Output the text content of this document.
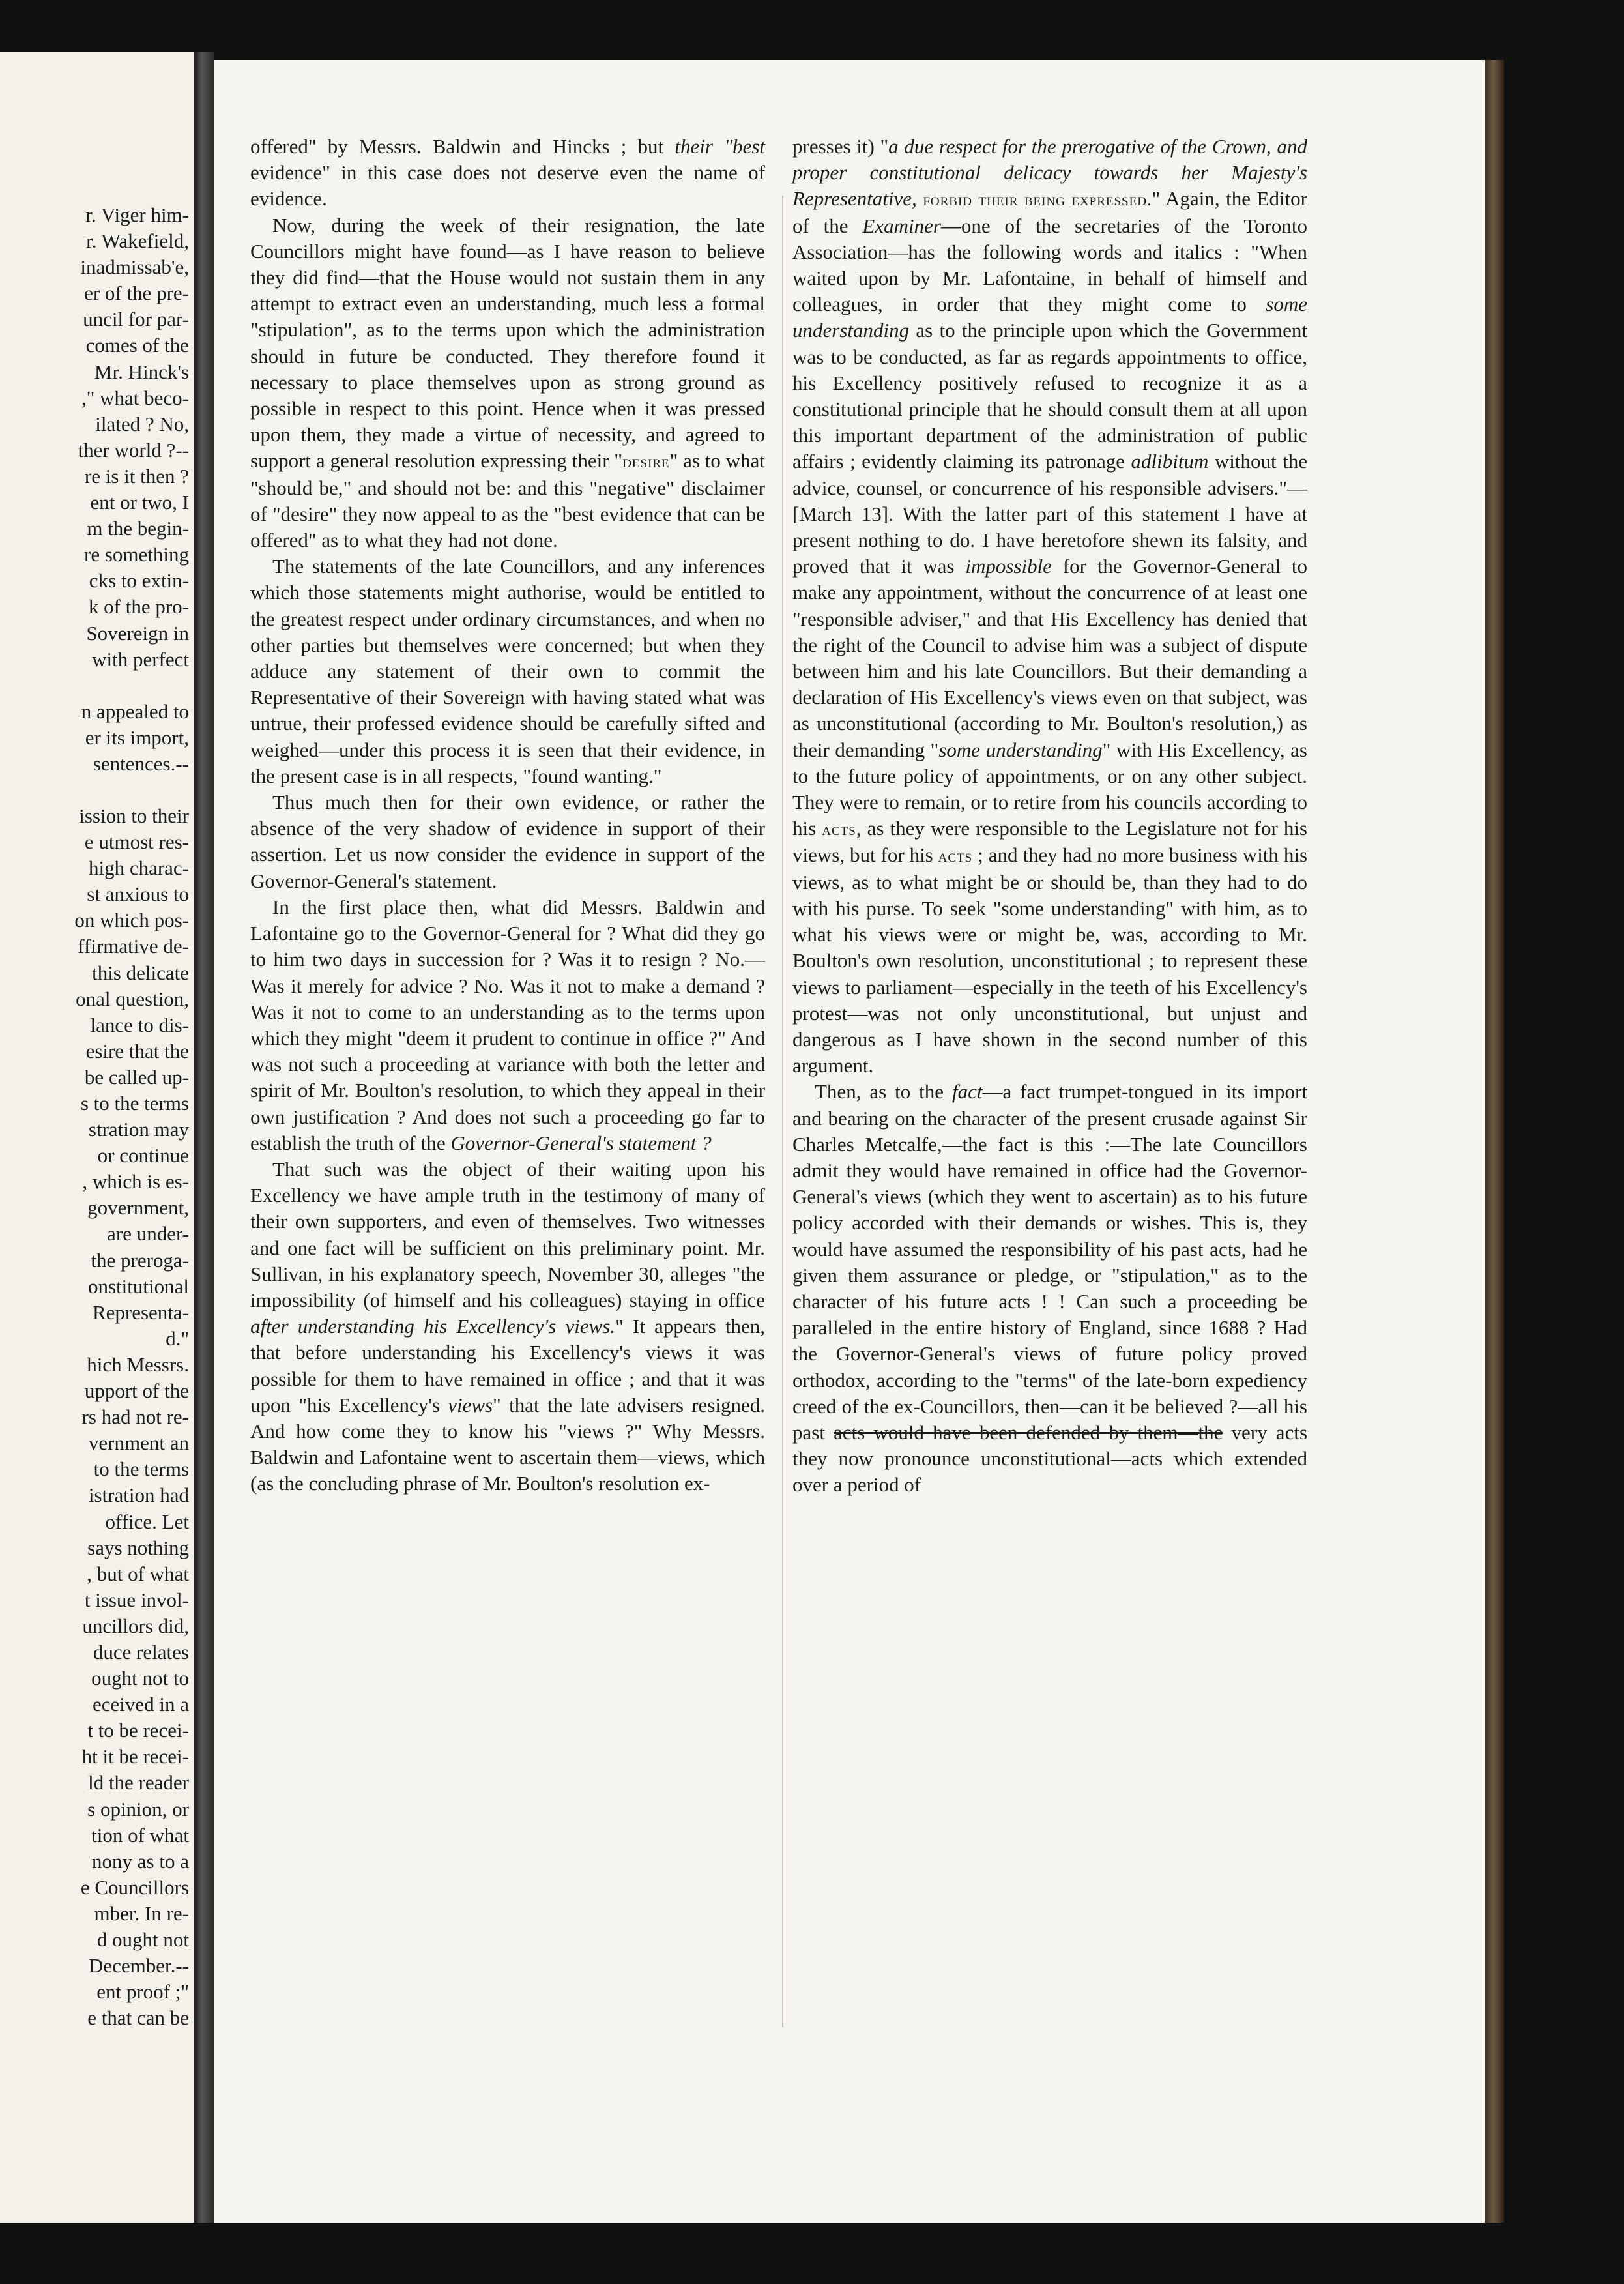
r. Viger him-

r. Wakefield,

inadmissab'e,

er of the pre-

uncil for par-

comes of the

Mr. Hinck's

," what beco-

ilated ? No,

ther world ?--

re is it then ?

ent or two, I

m the begin-

re something

cks to extin-

k of the pro-

Sovereign in

with perfect

n appealed to

er its import,

sentences.--

ission to their

e utmost res-

high charac-

st anxious to

on which pos-

ffirmative de-

this delicate

onal question,

lance to dis-

esire that the

be called up-

s to the terms

stration may

or continue

, which is es-

government,

are under-

the preroga-

onstitutional

Representa-

d."

hich Messrs.

upport of the

rs had not re-

vernment an

to the terms

istration had

office. Let

says nothing

, but of what

t issue invol-

uncillors did,

duce relates

ought not to

eceived in a

t to be recei-

ht it be recei-

ld the reader

s opinion, or

tion of what

nony as to a

e Councillors

mber. In re-

d ought not

December.--

ent proof ;"

e that can be

offered" by Messrs. Baldwin and Hincks ; but their "best evidence" in this case does not deserve even the name of evidence.

Now, during the week of their resignation, the late Councillors might have found—as I have reason to believe they did find—that the House would not sustain them in any attempt to extract even an understanding, much less a formal "stipulation", as to the terms upon which the administration should in future be conducted. They therefore found it necessary to place themselves upon as strong ground as possible in respect to this point. Hence when it was pressed upon them, they made a virtue of necessity, and agreed to support a general resolution expressing their "desire" as to what "should be," and should not be: and this "negative" disclaimer of "desire" they now appeal to as the "best evidence that can be offered" as to what they had not done.

The statements of the late Councillors, and any inferences which those statements might authorise, would be entitled to the greatest respect under ordinary circumstances, and when no other parties but themselves were concerned; but when they adduce any statement of their own to commit the Representative of their Sovereign with having stated what was untrue, their professed evidence should be carefully sifted and weighed—under this process it is seen that their evidence, in the present case is in all respects, "found wanting."

Thus much then for their own evidence, or rather the absence of the very shadow of evidence in support of their assertion. Let us now consider the evidence in support of the Governor-General's statement.

In the first place then, what did Messrs. Baldwin and Lafontaine go to the Governor-General for ? What did they go to him two days in succession for ? Was it to resign ? No.— Was it merely for advice ? No. Was it not to make a demand ? Was it not to come to an understanding as to the terms upon which they might "deem it prudent to continue in office ?" And was not such a proceeding at variance with both the letter and spirit of Mr. Boulton's resolution, to which they appeal in their own justification ? And does not such a proceeding go far to establish the truth of the Governor-General's statement ?

That such was the object of their waiting upon his Excellency we have ample truth in the testimony of many of their own supporters, and even of themselves. Two witnesses and one fact will be sufficient on this preliminary point. Mr. Sullivan, in his explanatory speech, November 30, alleges "the impossibility (of himself and his colleagues) staying in office after understanding his Excellency's views." It appears then, that before understanding his Excellency's views it was possible for them to have remained in office ; and that it was upon "his Excellency's views" that the late advisers resigned. And how come they to know his "views ?" Why Messrs. Baldwin and Lafontaine went to ascertain them—views, which (as the concluding phrase of Mr. Boulton's resolution ex-

presses it) "a due respect for the prerogative of the Crown, and proper constitutional delicacy towards her Majesty's Representative, forbid their being expressed." Again, the Editor of the Examiner—one of the secretaries of the Toronto Association—has the following words and italics : "When waited upon by Mr. Lafontaine, in behalf of himself and colleagues, in order that they might come to some understanding as to the principle upon which the Government was to be conducted, as far as regards appointments to office, his Excellency positively refused to recognize it as a constitutional principle that he should consult them at all upon this important department of the administration of public affairs ; evidently claiming its patronage adlibitum without the advice, counsel, or concurrence of his responsible advisers."— [March 13]. With the latter part of this statement I have at present nothing to do. I have heretofore shewn its falsity, and proved that it was impossible for the Governor-General to make any appointment, without the concurrence of at least one "responsible adviser," and that His Excellency has denied that the right of the Council to advise him was a subject of dispute between him and his late Councillors. But their demanding a declaration of His Excellency's views even on that subject, was as unconstitutional (according to Mr. Boulton's resolution,) as their demanding "some understanding" with His Excellency, as to the future policy of appointments, or on any other subject. They were to remain, or to retire from his councils according to his acts, as they were responsible to the Legislature not for his views, but for his acts ; and they had no more business with his views, as to what might be or should be, than they had to do with his purse. To seek "some understanding" with him, as to what his views were or might be, was, according to Mr. Boulton's own resolution, unconstitutional ; to represent these views to parliament—especially in the teeth of his Excellency's protest—was not only unconstitutional, but unjust and dangerous as I have shown in the second number of this argument.

Then, as to the fact—a fact trumpet-tongued in its import and bearing on the character of the present crusade against Sir Charles Metcalfe,—the fact is this :—The late Councillors admit they would have remained in office had the Governor-General's views (which they went to ascertain) as to his future policy accorded with their demands or wishes. This is, they would have assumed the responsibility of his past acts, had he given them assurance or pledge, or "stipulation," as to the character of his future acts ! ! Can such a proceeding be paralleled in the entire history of England, since 1688 ? Had the Governor-General's views of future policy proved orthodox, according to the "terms" of the late-born expediency creed of the ex-Councillors, then—can it be believed ?—all his past acts would have been defended by them—the very acts they now pronounce unconstitutional—acts which extended over a period of
